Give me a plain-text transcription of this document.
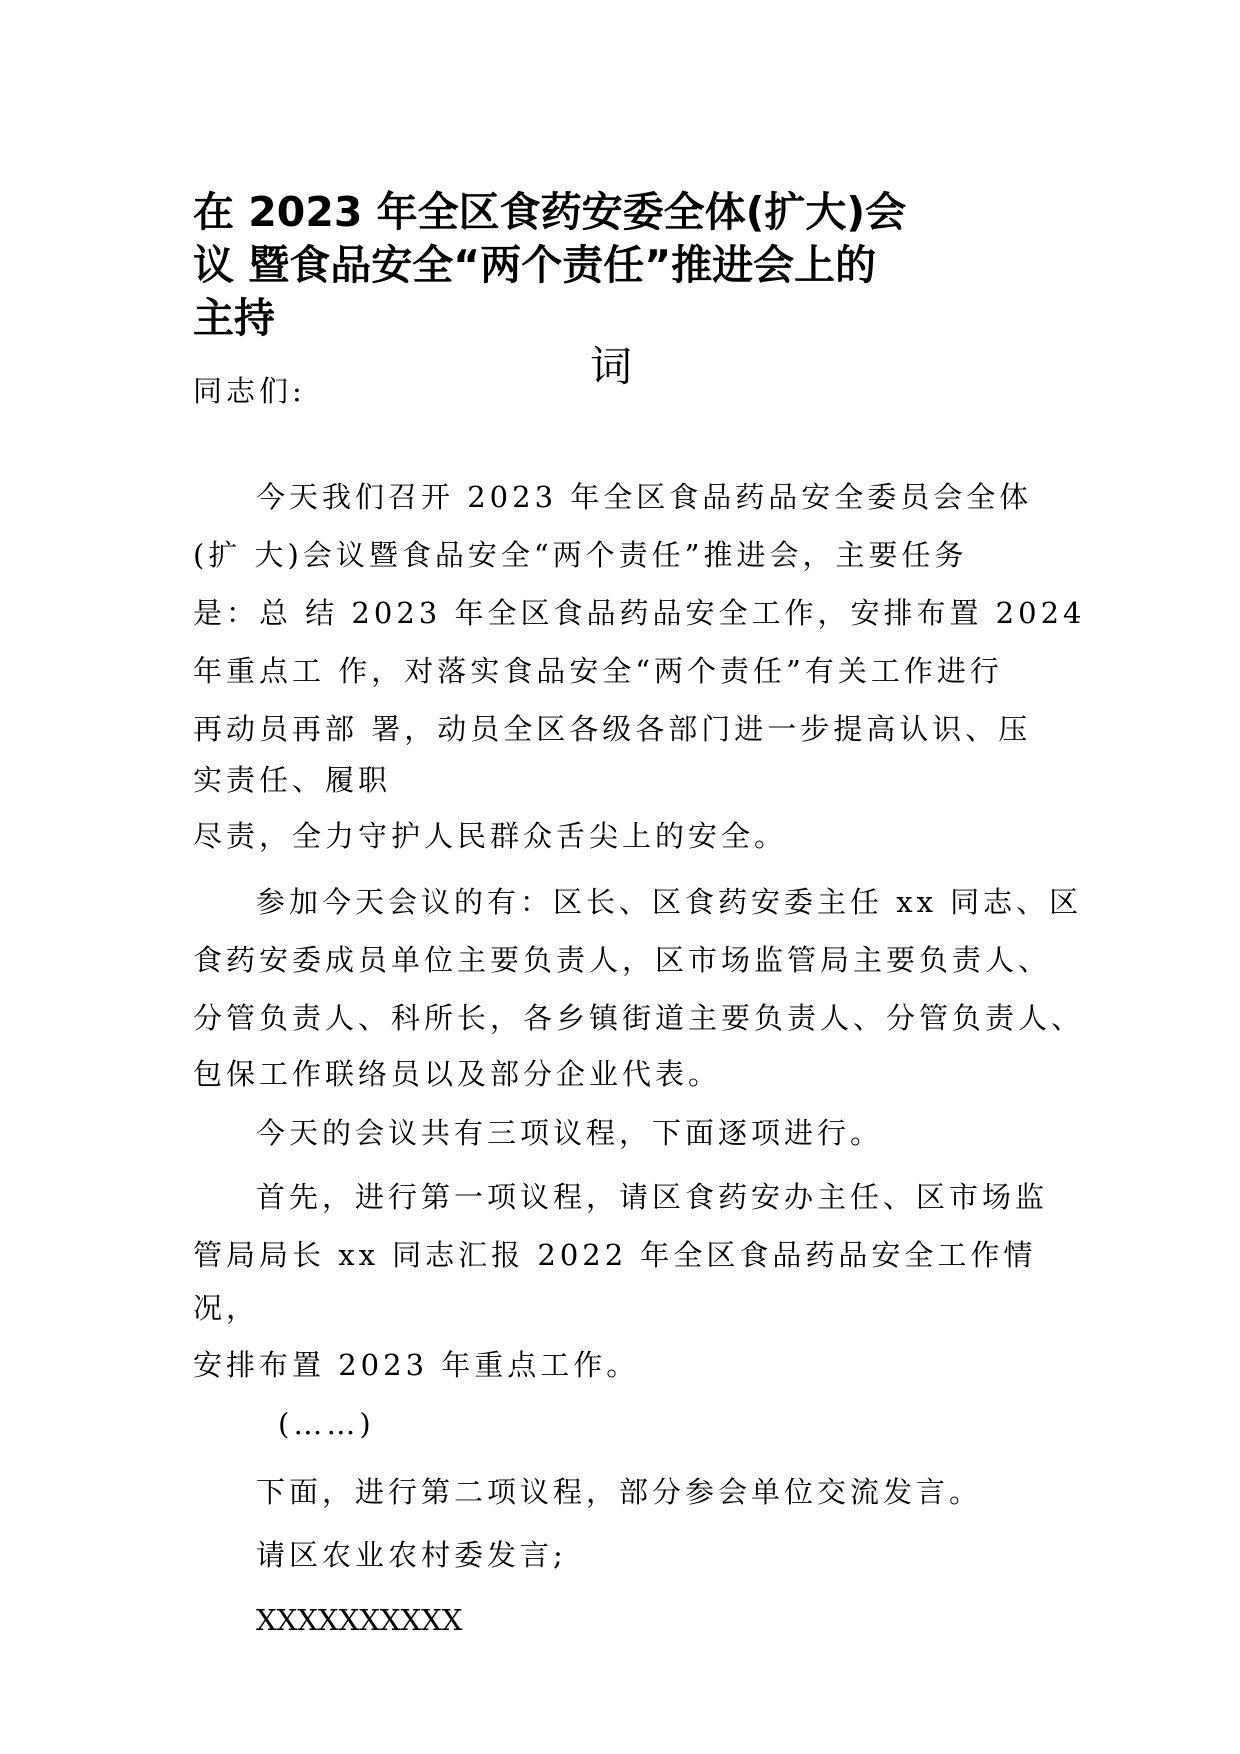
在 2023 年全区食药安委全体(扩大)会
议 暨食品安全“两个责任”推进会上的
主持
词

同志们:

今天我们召开 2023 年全区食品药品安全委员会全体

(扩 大)会议暨食品安全“两个责任”推进会，主要任务

是：总 结 2023 年全区食品药品安全工作，安排布置 2024

年重点工 作，对落实食品安全“两个责任”有关工作进行

再动员再部 署，动员全区各级各部门进一步提高认识、压

实责任、履职

尽责，全力守护人民群众舌尖上的安全。

参加今天会议的有：区长、区食药安委主任 xx 同志、区

食药安委成员单位主要负责人，区市场监管局主要负责人、

分管负责人、科所长，各乡镇街道主要负责人、分管负责人、

包保工作联络员以及部分企业代表。

今天的会议共有三项议程，下面逐项进行。

首先，进行第一项议程，请区食药安办主任、区市场监

管局局长 xx 同志汇报 2022 年全区食品药品安全工作情

况，

安排布置 2023 年重点工作。

(……)

下面，进行第二项议程，部分参会单位交流发言。

请区农业农村委发言;

XXXXXXXXXX
